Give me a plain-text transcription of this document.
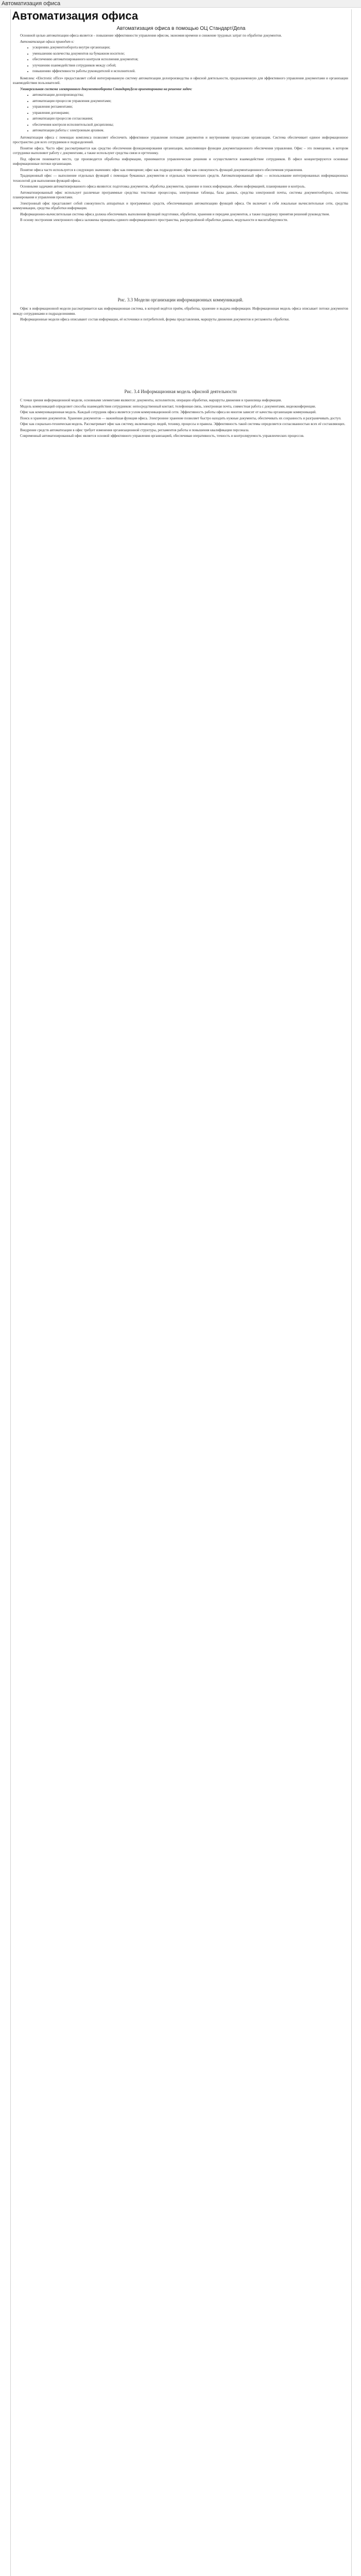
Автоматизация офиса
Автоматизация офиса
Автоматизация офиса в помощью ОЦ Стандарт/Дела

Основной целью автоматизации офиса является – повышение эффективности управления офисом, экономия времени и снижение трудовых затрат по обработке документов.

Автоматизация офиса приводит к:

• ускорению документооборота внутри организации;
• уменьшению количества документов на бумажном носителе;
• обеспечению автоматизированного контроля исполнения документов;
• улучшению взаимодействия сотрудников между собой;
• повышению эффективности работы руководителей и исполнителей.

Комплекс «Electronic office» предоставляет собой интегрированную систему автоматизации делопроизводства и офисной деятельности, предназначенную для эффективного управления документами и организации взаимодействия пользователей.

Универсальная система электронного документооборота СтандартДела ориентирована на решение задач:

• автоматизации делопроизводства;
• автоматизации процессов управления документами;
• управления регламентами;
• управления договорами;
• автоматизации процессов согласования;
• обеспечения контроля исполнительской дисциплины;
• автоматизации работы с электронным архивом.

Автоматизация офиса с помощью комплекса позволяет обеспечить эффективное управление потоками документов и внутренними процессами организации. Система обеспечивает единое информационное пространство для всех сотрудников и подразделений.

Понятие офиса. Часто офис рассматривается как средство обеспечения функционирования организации, выполняющее функции документационного обеспечения управления. Офис – это помещение, в котором сотрудники выполняют работу с документами, а также используют средства связи и оргтехнику.

Под офисом понимается место, где производится обработка информации, принимаются управленческие решения и осуществляется взаимодействие сотрудников. В офисе концентрируются основные информационные потоки организации.

Понятие офиса часто используется в следующих значениях: офис как помещение; офис как подразделение; офис как совокупность функций документационного обеспечения управления.

Традиционный офис — выполнение отдельных функций с помощью бумажных документов и отдельных технических средств. Автоматизированный офис — использование интегрированных информационных технологий для выполнения функций офиса.

Основными задачами автоматизированного офиса являются: подготовка документов, обработка документов, хранение и поиск информации, обмен информацией, планирование и контроль.

Автоматизированный офис использует различные программные средства: текстовые процессоры, электронные таблицы, базы данных, средства электронной почты, системы документооборота, системы планирования и управления проектами.

Электронный офис представляет собой совокупность аппаратных и программных средств, обеспечивающих автоматизацию функций офиса. Он включает в себя локальные вычислительные сети, средства коммуникации, средства обработки информации.

Информационно-вычислительная система офиса должна обеспечивать выполнение функций подготовки, обработки, хранения и передачи документов, а также поддержку принятия решений руководством.

В основу построения электронного офиса заложены принципы единого информационного пространства, распределённой обработки данных, модульности и масштабируемости.

Рис. 3.3 Модели организации информационных коммуникаций.

Офис в информационной модели рассматривается как информационная система, в которой ведётся приём, обработка, хранение и выдача информации. Информационная модель офиса описывает потоки документов между сотрудниками и подразделениями.

Информационные модели офиса описывают состав информации, её источники и потребителей, формы представления, маршруты движения документов и регламенты обработки.

Рис. 3.4 Информационная модель офисной деятельности

С точки зрения информационной модели, основными элементами являются: документы, исполнители, операции обработки, маршруты движения и хранилища информации.

Модель коммуникаций определяет способы взаимодействия сотрудников: непосредственный контакт, телефонная связь, электронная почта, совместная работа с документами, видеоконференции.

Офис как коммуникационная модель. Каждый сотрудник офиса является узлом коммуникационной сети. Эффективность работы офиса во многом зависит от качества организации коммуникаций.

Поиск и хранение документов. Хранение документов — важнейшая функция офиса. Электронное хранение позволяет быстро находить нужные документы, обеспечивать их сохранность и разграничивать доступ.

Офис как социально-техническая модель. Рассматривает офис как систему, включающую людей, технику, процессы и правила. Эффективность такой системы определяется согласованностью всех её составляющих.

Внедрение средств автоматизации в офис требует изменения организационной структуры, регламентов работы и повышения квалификации персонала.

Современный автоматизированный офис является основой эффективного управления организацией, обеспечивая оперативность, точность и контролируемость управленческих процессов.
